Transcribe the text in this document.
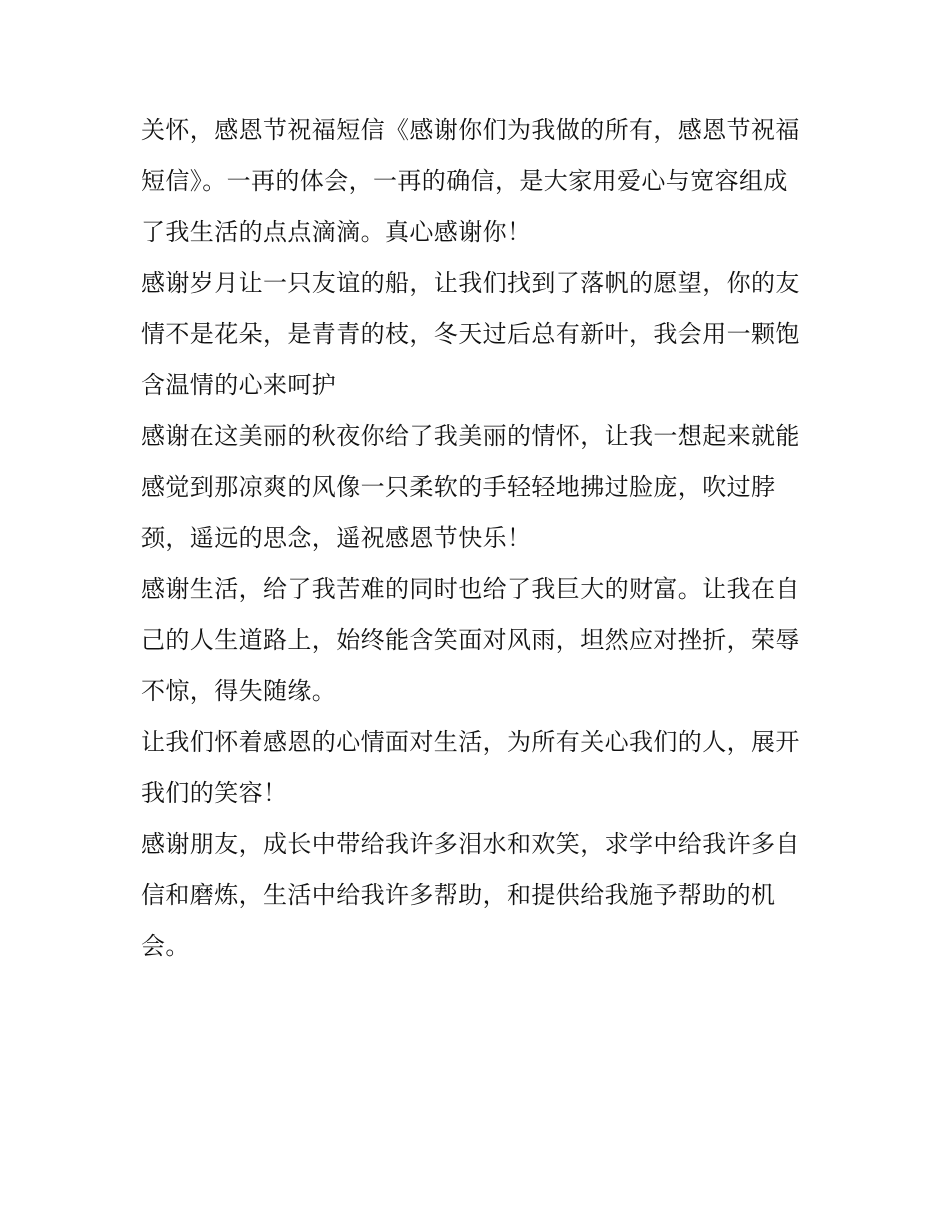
关怀，感恩节祝福短信《感谢你们为我做的所有，感恩节祝福
短信》。一再的体会，一再的确信，是大家用爱心与宽容组成
了我生活的点点滴滴。真心感谢你！
感谢岁月让一只友谊的船，让我们找到了落帆的愿望，你的友
情不是花朵，是青青的枝，冬天过后总有新叶，我会用一颗饱
含温情的心来呵护
感谢在这美丽的秋夜你给了我美丽的情怀，让我一想起来就能
感觉到那凉爽的风像一只柔软的手轻轻地拂过脸庞，吹过脖
颈，遥远的思念，遥祝感恩节快乐！
感谢生活，给了我苦难的同时也给了我巨大的财富。让我在自
己的人生道路上，始终能含笑面对风雨，坦然应对挫折，荣辱
不惊，得失随缘。
让我们怀着感恩的心情面对生活，为所有关心我们的人，展开
我们的笑容！
感谢朋友，成长中带给我许多泪水和欢笑，求学中给我许多自
信和磨炼，生活中给我许多帮助，和提供给我施予帮助的机
会。
